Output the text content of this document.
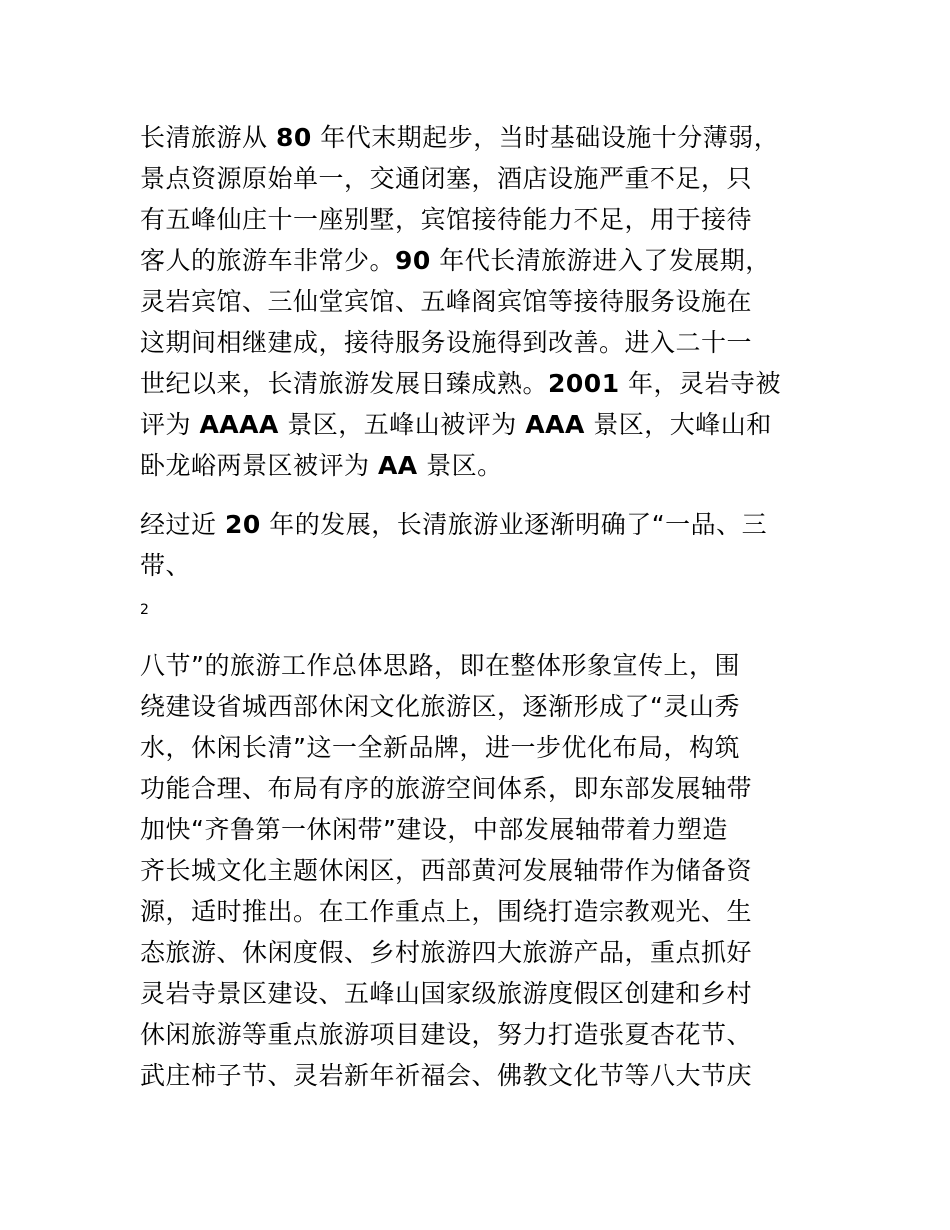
长清旅游从 80 年代末期起步，当时基础设施十分薄弱，
景点资源原始单一，交通闭塞，酒店设施严重不足，只
有五峰仙庄十一座别墅，宾馆接待能力不足，用于接待
客人的旅游车非常少。90 年代长清旅游进入了发展期，
灵岩宾馆、三仙堂宾馆、五峰阁宾馆等接待服务设施在
这期间相继建成，接待服务设施得到改善。进入二十一
世纪以来，长清旅游发展日臻成熟。2001 年，灵岩寺被
评为 AAAA 景区，五峰山被评为 AAA 景区，大峰山和
卧龙峪两景区被评为 AA 景区。
经过近 20 年的发展，长清旅游业逐渐明确了“一品、三
带、
2
八节”的旅游工作总体思路，即在整体形象宣传上，围
绕建设省城西部休闲文化旅游区，逐渐形成了“灵山秀
水，休闲长清”这一全新品牌，进一步优化布局，构筑
功能合理、布局有序的旅游空间体系，即东部发展轴带
加快“齐鲁第一休闲带”建设，中部发展轴带着力塑造
齐长城文化主题休闲区，西部黄河发展轴带作为储备资
源，适时推出。在工作重点上，围绕打造宗教观光、生
态旅游、休闲度假、乡村旅游四大旅游产品，重点抓好
灵岩寺景区建设、五峰山国家级旅游度假区创建和乡村
休闲旅游等重点旅游项目建设，努力打造张夏杏花节、
武庄柿子节、灵岩新年祈福会、佛教文化节等八大节庆
